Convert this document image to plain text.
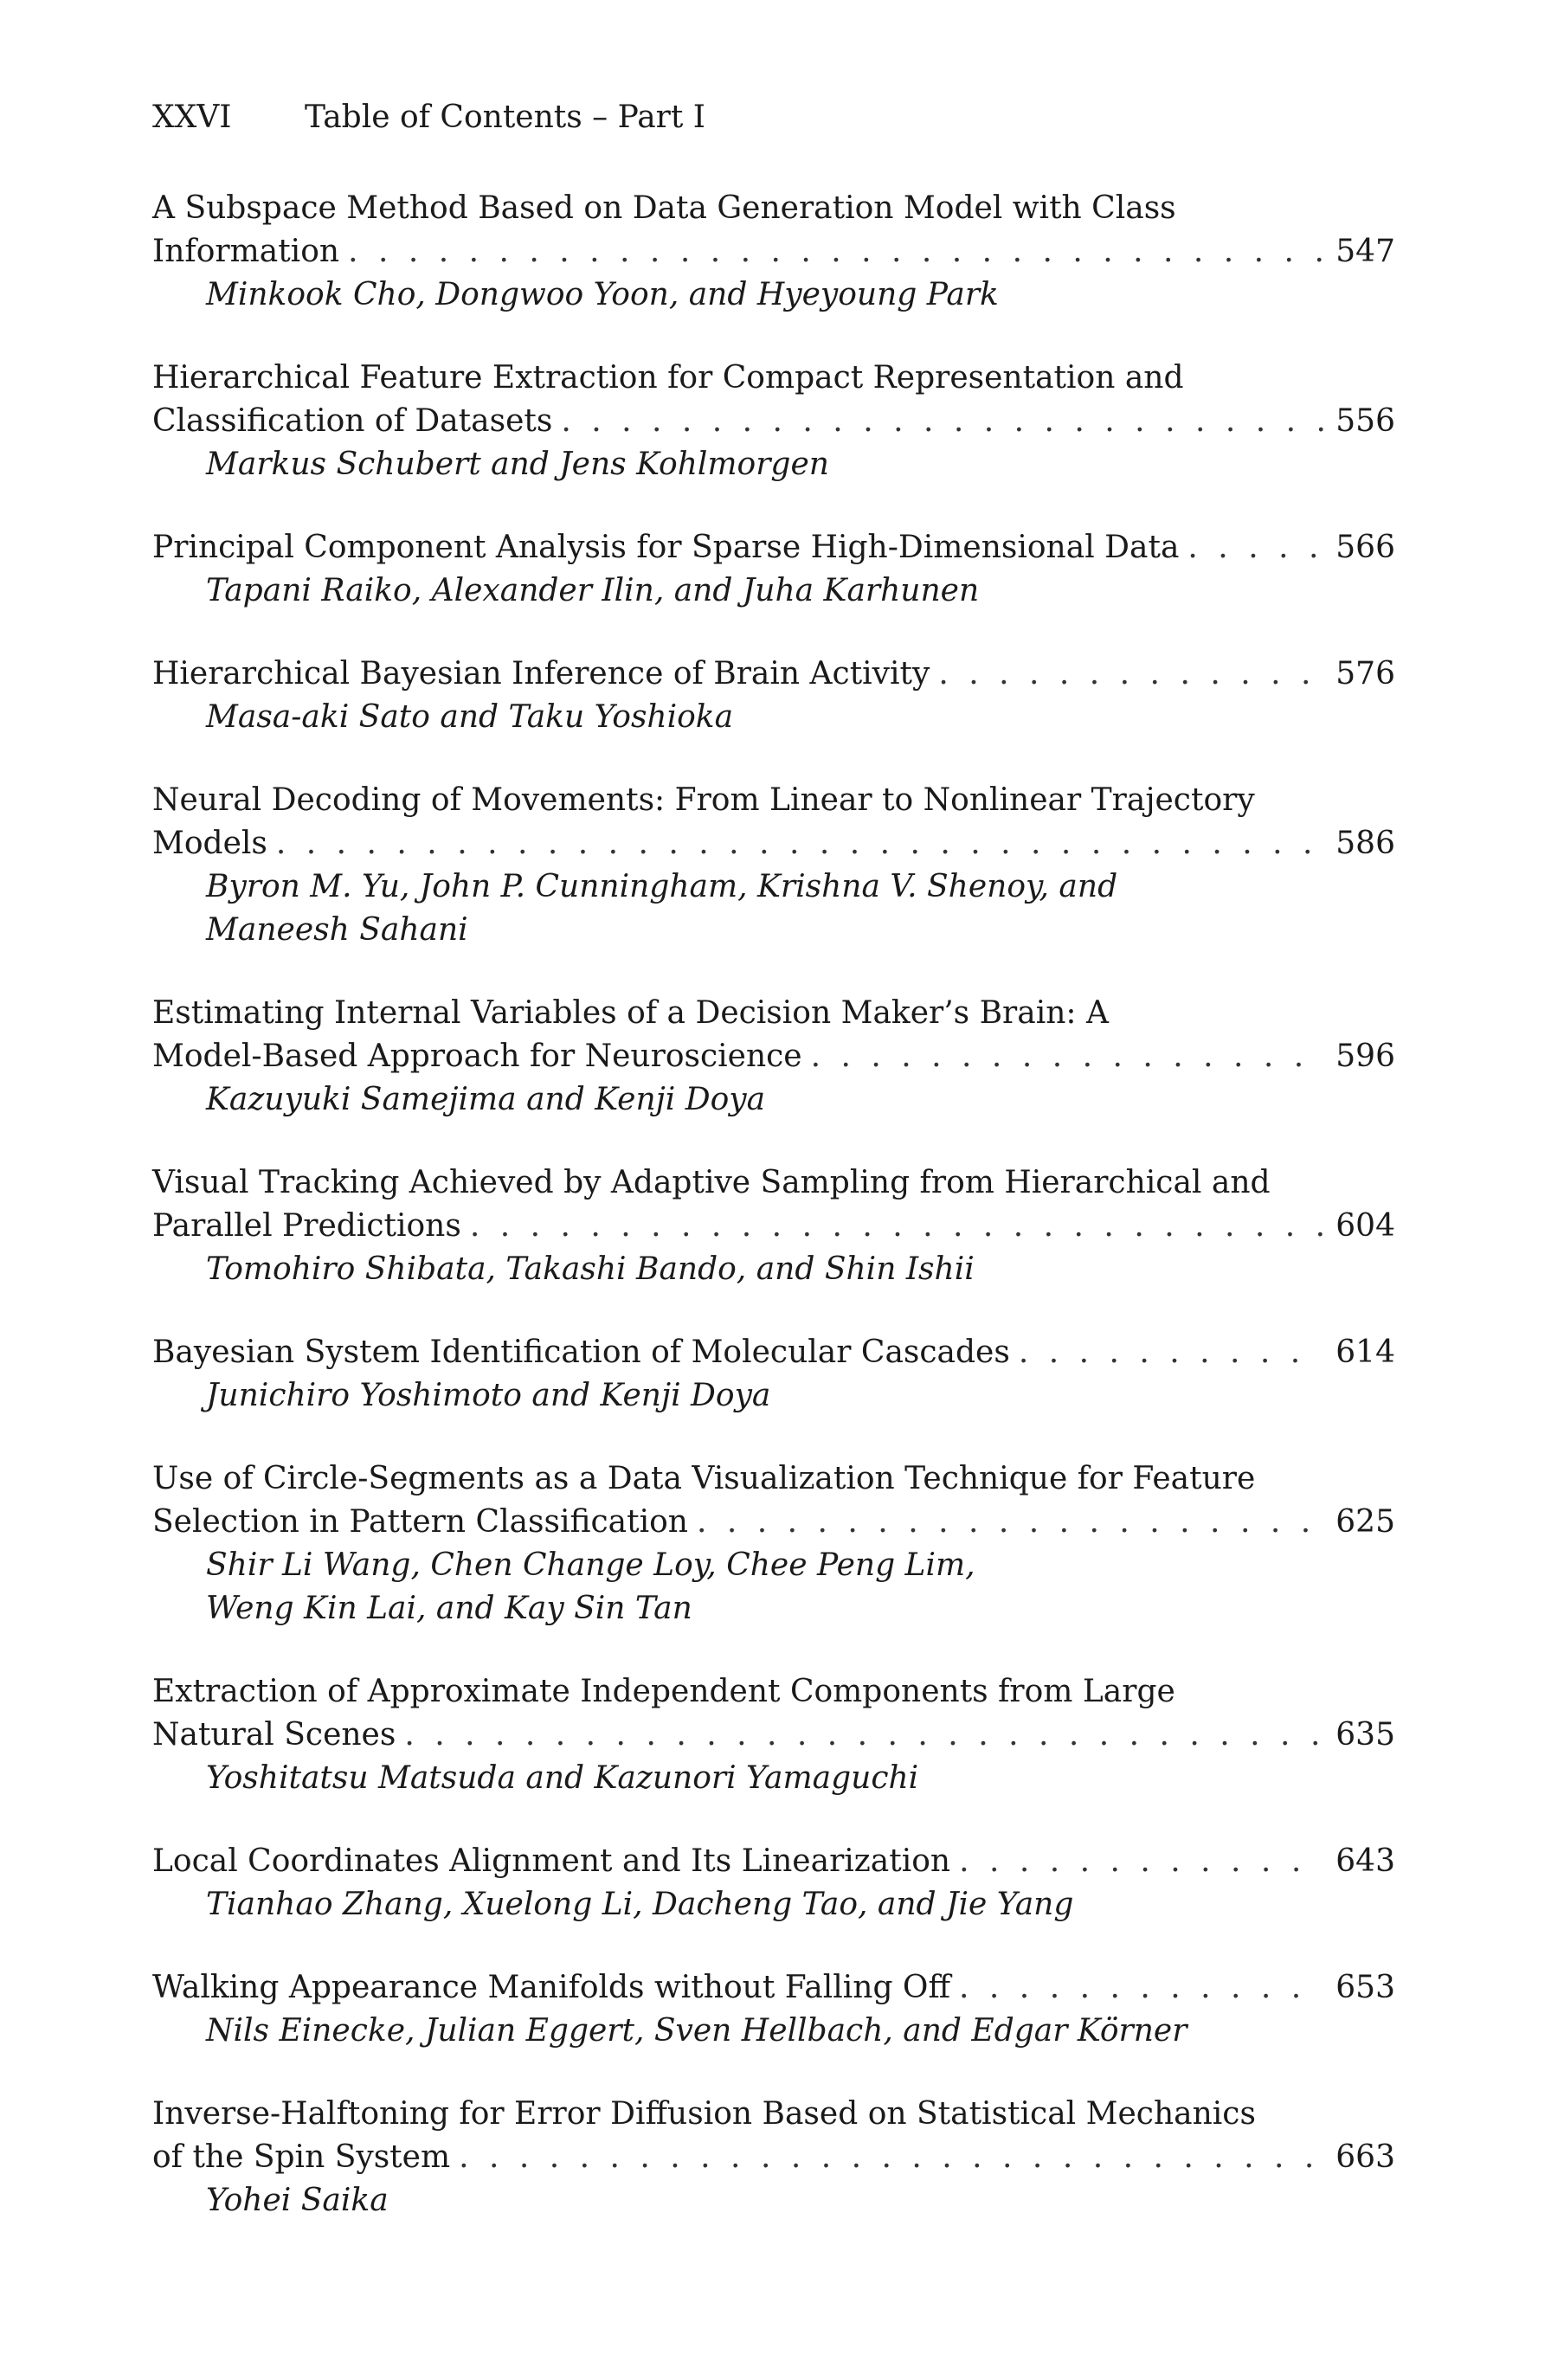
XXVI Table of Contents – Part I
A Subspace Method Based on Data Generation Model with Class
Information . . .	547
Minkook Cho, Dongwoo Yoon, and Hyeyoung Park
Hierarchical Feature Extraction for Compact Representation and
Classification of Datasets . . .	556
Markus Schubert and Jens Kohlmorgen
Principal Component Analysis for Sparse High-Dimensional Data . . .	566
Tapani Raiko, Alexander Ilin, and Juha Karhunen
Hierarchical Bayesian Inference of Brain Activity . . .	576
Masa-aki Sato and Taku Yoshioka
Neural Decoding of Movements: From Linear to Nonlinear Trajectory
Models . . .	586
Byron M. Yu, John P. Cunningham, Krishna V. Shenoy, and
Maneesh Sahani
Estimating Internal Variables of a Decision Maker’s Brain: A
Model-Based Approach for Neuroscience . . .	596
Kazuyuki Samejima and Kenji Doya
Visual Tracking Achieved by Adaptive Sampling from Hierarchical and
Parallel Predictions . . .	604
Tomohiro Shibata, Takashi Bando, and Shin Ishii
Bayesian System Identification of Molecular Cascades . . .	614
Junichiro Yoshimoto and Kenji Doya
Use of Circle-Segments as a Data Visualization Technique for Feature
Selection in Pattern Classification . . .	625
Shir Li Wang, Chen Change Loy, Chee Peng Lim,
Weng Kin Lai, and Kay Sin Tan
Extraction of Approximate Independent Components from Large
Natural Scenes . . .	635
Yoshitatsu Matsuda and Kazunori Yamaguchi
Local Coordinates Alignment and Its Linearization . . .	643
Tianhao Zhang, Xuelong Li, Dacheng Tao, and Jie Yang
Walking Appearance Manifolds without Falling Off . . .	653
Nils Einecke, Julian Eggert, Sven Hellbach, and Edgar Körner
Inverse-Halftoning for Error Diffusion Based on Statistical Mechanics
of the Spin System . . .	663
Yohei Saika
